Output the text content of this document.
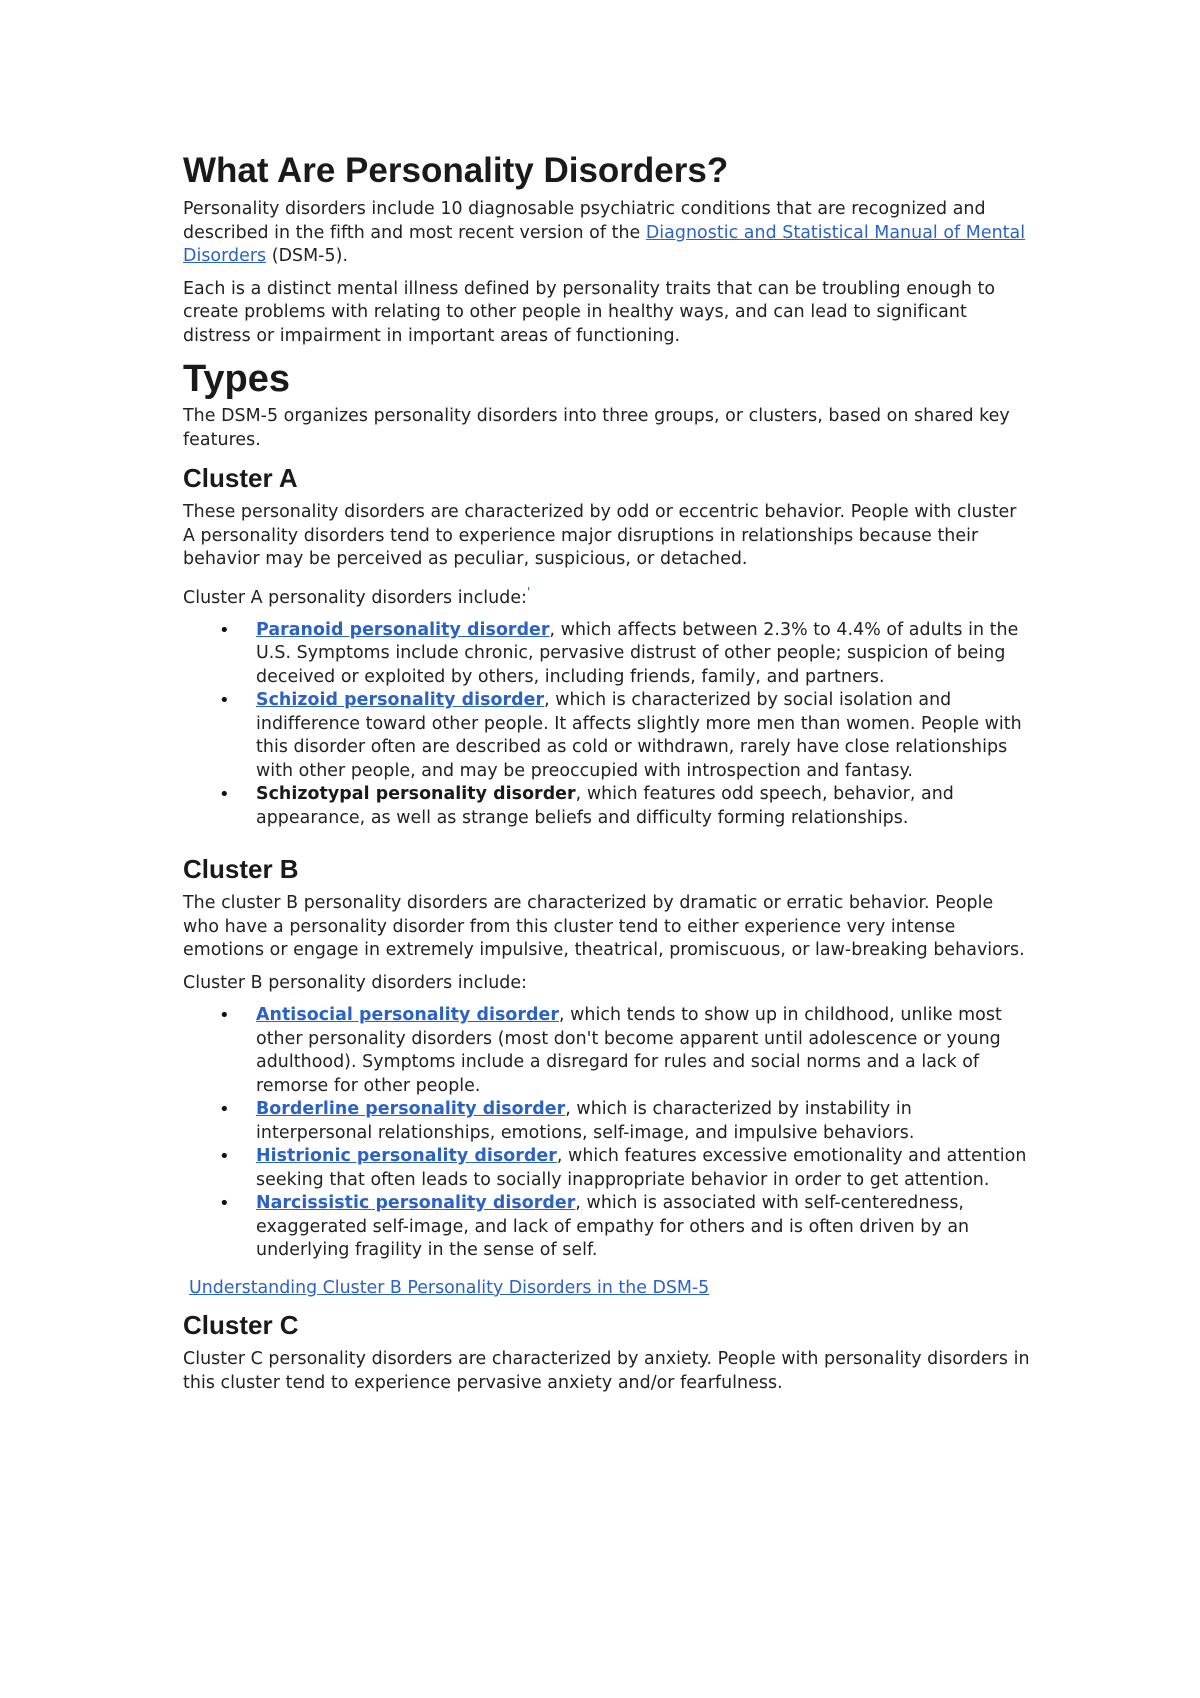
What Are Personality Disorders?

Personality disorders include 10 diagnosable psychiatric conditions that are recognized and described in the fifth and most recent version of the Diagnostic and Statistical Manual of Mental Disorders (DSM-5).

Each is a distinct mental illness defined by personality traits that can be troubling enough to create problems with relating to other people in healthy ways, and can lead to significant distress or impairment in important areas of functioning.

Types

The DSM-5 organizes personality disorders into three groups, or clusters, based on shared key features.

Cluster A

These personality disorders are characterized by odd or eccentric behavior. People with cluster A personality disorders tend to experience major disruptions in relationships because their behavior may be perceived as peculiar, suspicious, or detached.

Cluster A personality disorders include:'

• Paranoid personality disorder, which affects between 2.3% to 4.4% of adults in the U.S. Symptoms include chronic, pervasive distrust of other people; suspicion of being deceived or exploited by others, including friends, family, and partners.
• Schizoid personality disorder, which is characterized by social isolation and indifference toward other people. It affects slightly more men than women. People with this disorder often are described as cold or withdrawn, rarely have close relationships with other people, and may be preoccupied with introspection and fantasy.
• Schizotypal personality disorder, which features odd speech, behavior, and appearance, as well as strange beliefs and difficulty forming relationships.
Cluster B

The cluster B personality disorders are characterized by dramatic or erratic behavior. People who have a personality disorder from this cluster tend to either experience very intense emotions or engage in extremely impulsive, theatrical, promiscuous, or law-breaking behaviors.

Cluster B personality disorders include:

• Antisocial personality disorder, which tends to show up in childhood, unlike most other personality disorders (most don't become apparent until adolescence or young adulthood). Symptoms include a disregard for rules and social norms and a lack of remorse for other people.
• Borderline personality disorder, which is characterized by instability in interpersonal relationships, emotions, self-image, and impulsive behaviors.
• Histrionic personality disorder, which features excessive emotionality and attention seeking that often leads to socially inappropriate behavior in order to get attention.
• Narcissistic personality disorder, which is associated with self-centeredness, exaggerated self-image, and lack of empathy for others and is often driven by an underlying fragility in the sense of self.
Understanding Cluster B Personality Disorders in the DSM-5
Cluster C

Cluster C personality disorders are characterized by anxiety. People with personality disorders in this cluster tend to experience pervasive anxiety and/or fearfulness.
